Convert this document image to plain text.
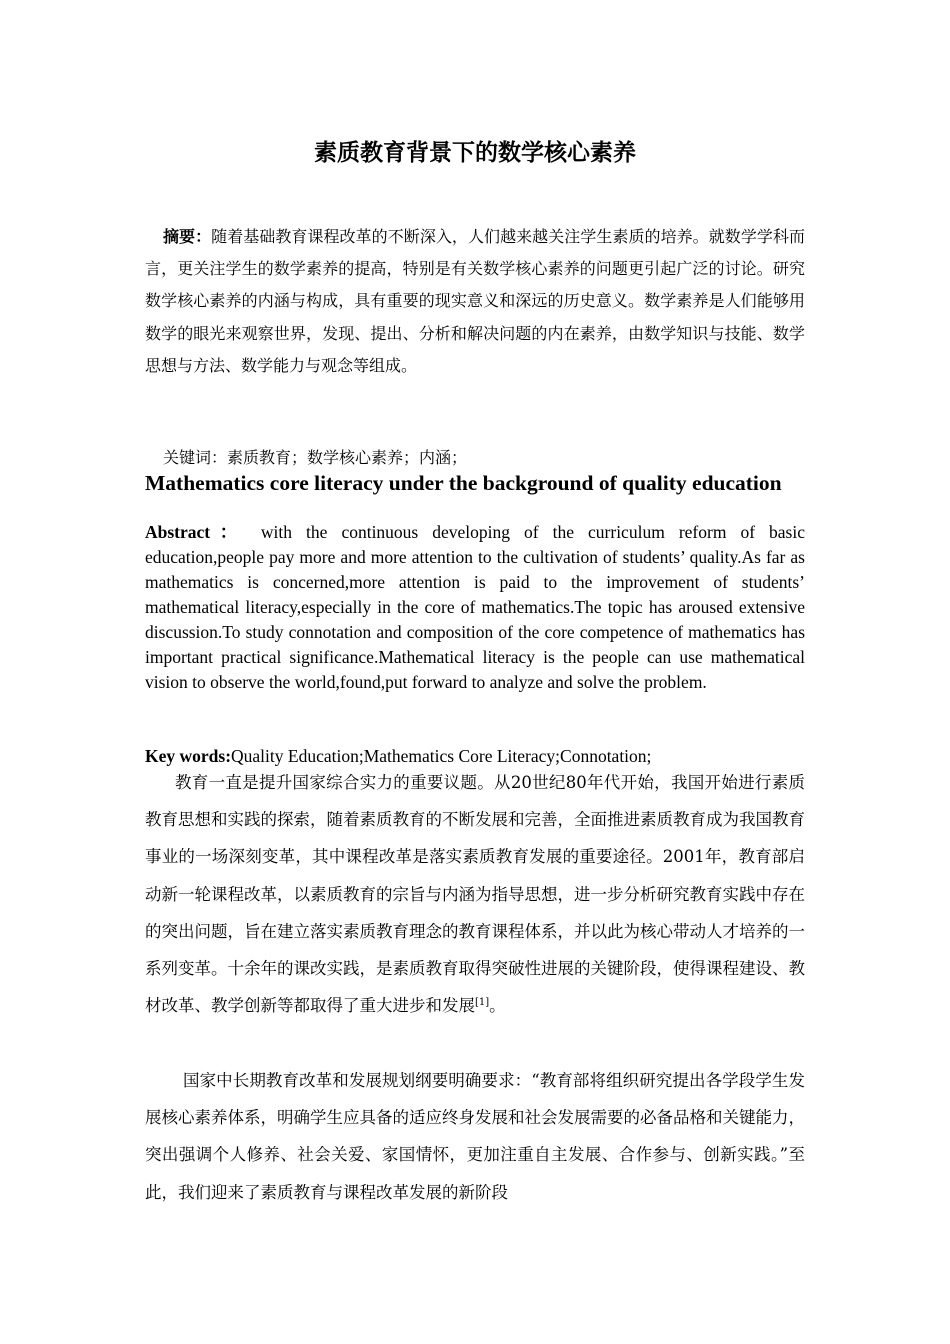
素质教育背景下的数学核心素养
摘要：随着基础教育课程改革的不断深入，人们越来越关注学生素质的培养。就数学学科而言，更关注学生的数学素养的提高，特别是有关数学核心素养的问题更引起广泛的讨论。研究数学核心素养的内涵与构成，具有重要的现实意义和深远的历史意义。数学素养是人们能够用数学的眼光来观察世界，发现、提出、分析和解决问题的内在素养，由数学知识与技能、数学思想与方法、数学能力与观念等组成。
关键词：素质教育；数学核心素养；内涵；
Mathematics core literacy under the background of quality education
Abstract： with the continuous developing of the curriculum reform of basic education,people pay more and more attention to the cultivation of students’ quality.As far as mathematics is concerned,more attention is paid to the improvement of students’ mathematical literacy,especially in the core of mathematics.The topic has aroused extensive discussion.To study connotation and composition of the core competence of mathematics has important practical significance.Mathematical literacy is the people can use mathematical vision to observe the world,found,put forward to analyze and solve the problem.
Key words:Quality Education;Mathematics Core Literacy;Connotation;
教育一直是提升国家综合实力的重要议题。从20世纪80年代开始，我国开始进行素质教育思想和实践的探索，随着素质教育的不断发展和完善，全面推进素质教育成为我国教育事业的一场深刻变革，其中课程改革是落实素质教育发展的重要途径。2001年，教育部启动新一轮课程改革，以素质教育的宗旨与内涵为指导思想，进一步分析研究教育实践中存在的突出问题，旨在建立落实素质教育理念的教育课程体系，并以此为核心带动人才培养的一系列变革。十余年的课改实践，是素质教育取得突破性进展的关键阶段，使得课程建设、教材改革、教学创新等都取得了重大进步和发展[1]。
国家中长期教育改革和发展规划纲要明确要求：“教育部将组织研究提出各学段学生发展核心素养体系，明确学生应具备的适应终身发展和社会发展需要的必备品格和关键能力，突出强调个人修养、社会关爱、家国情怀，更加注重自主发展、合作参与、创新实践。”至此，我们迎来了素质教育与课程改革发展的新阶段
